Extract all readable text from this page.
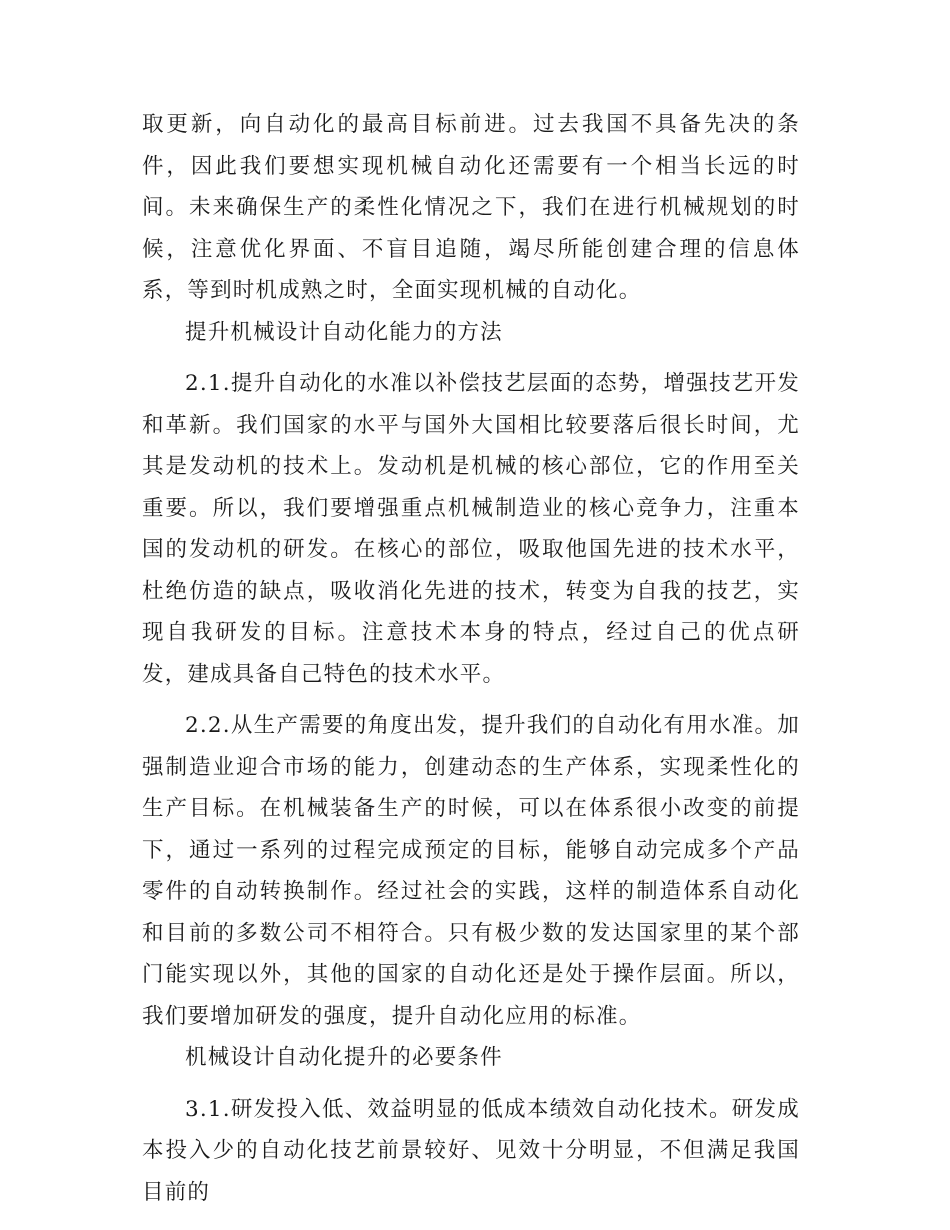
取更新，向自动化的最高目标前进。过去我国不具备先决的条件，因此我们要想实现机械自动化还需要有一个相当长远的时间。未来确保生产的柔性化情况之下，我们在进行机械规划的时候，注意优化界面、不盲目追随，竭尽所能创建合理的信息体系，等到时机成熟之时，全面实现机械的自动化。

提升机械设计自动化能力的方法

2.1.提升自动化的水准以补偿技艺层面的态势，增强技艺开发和革新。我们国家的水平与国外大国相比较要落后很长时间，尤其是发动机的技术上。发动机是机械的核心部位，它的作用至关重要。所以，我们要增强重点机械制造业的核心竞争力，注重本国的发动机的研发。在核心的部位，吸取他国先进的技术水平，杜绝仿造的缺点，吸收消化先进的技术，转变为自我的技艺，实现自我研发的目标。注意技术本身的特点，经过自己的优点研发，建成具备自己特色的技术水平。

2.2.从生产需要的角度出发，提升我们的自动化有用水准。加强制造业迎合市场的能力，创建动态的生产体系，实现柔性化的生产目标。在机械装备生产的时候，可以在体系很小改变的前提下，通过一系列的过程完成预定的目标，能够自动完成多个产品零件的自动转换制作。经过社会的实践，这样的制造体系自动化和目前的多数公司不相符合。只有极少数的发达国家里的某个部门能实现以外，其他的国家的自动化还是处于操作层面。所以，我们要增加研发的强度，提升自动化应用的标准。

机械设计自动化提升的必要条件

3.1.研发投入低、效益明显的低成本绩效自动化技术。研发成本投入少的自动化技艺前景较好、见效十分明显，不但满足我国目前的
